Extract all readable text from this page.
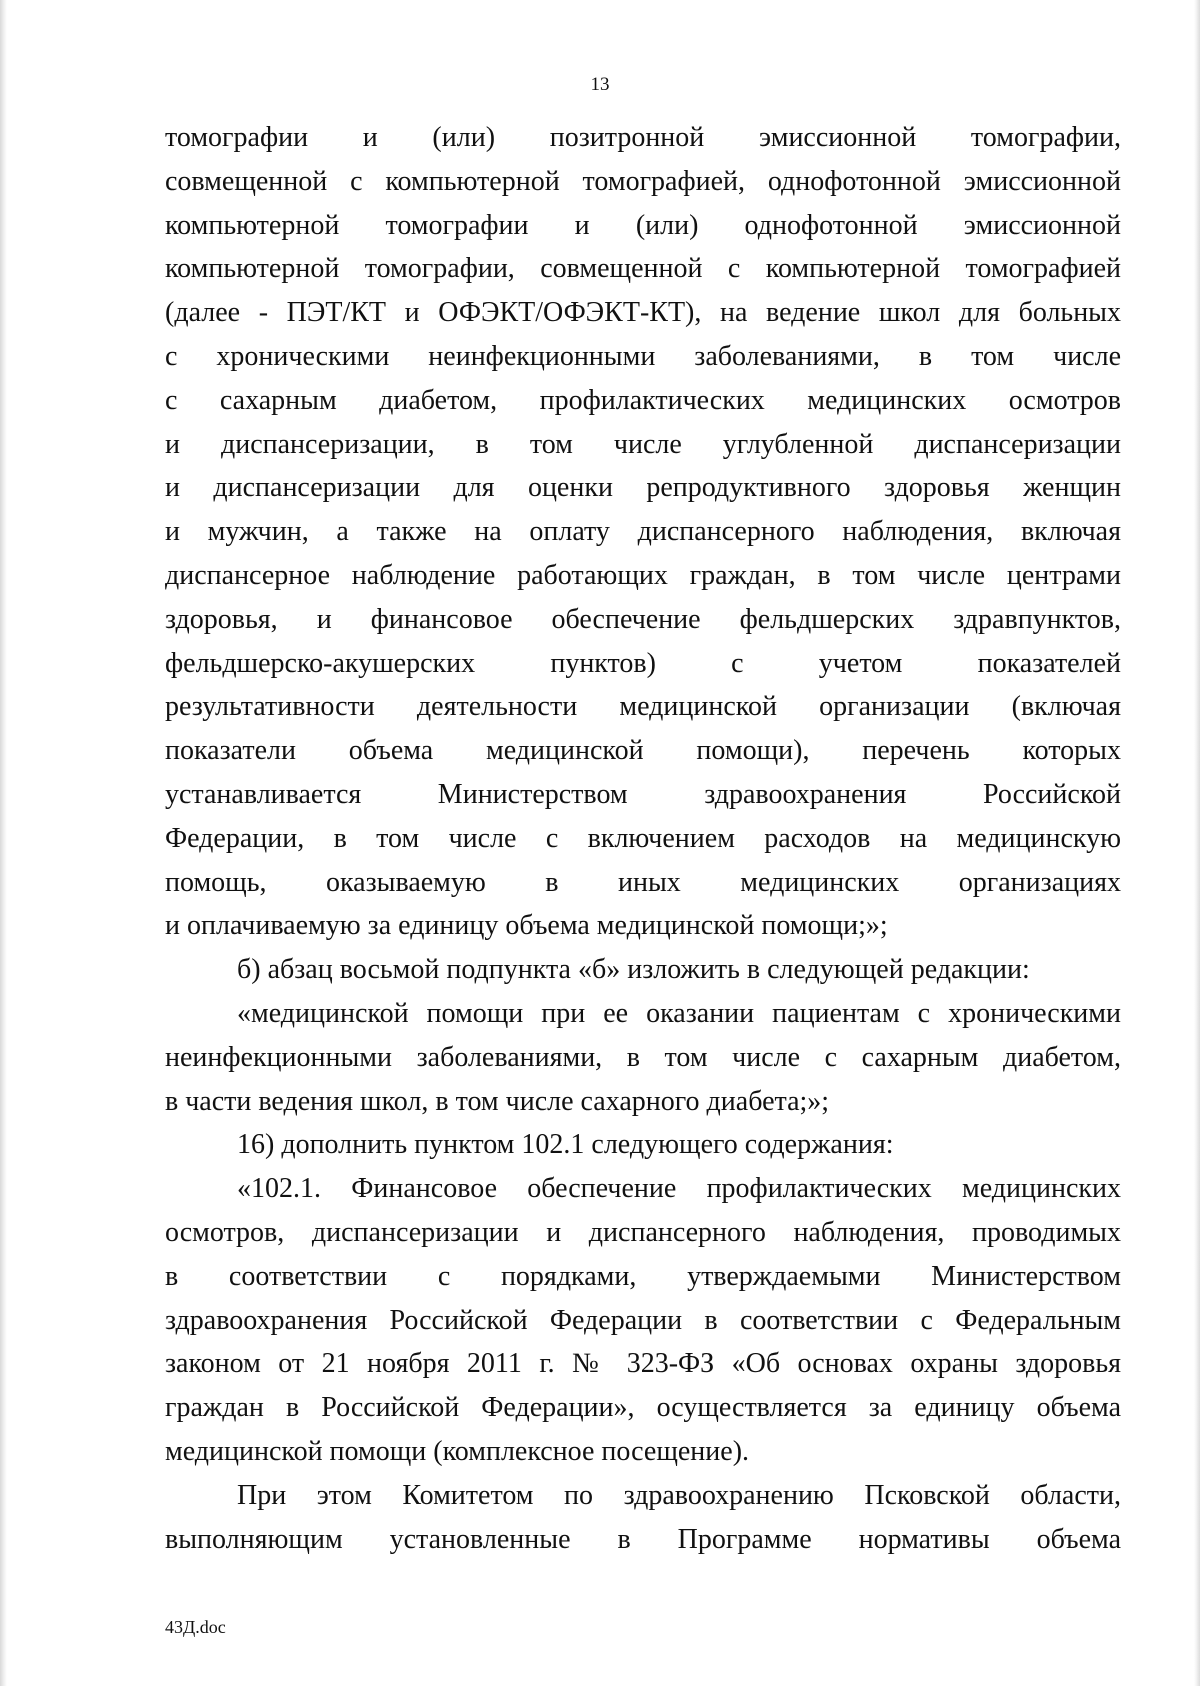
13

томографии и (или) позитронной эмиссионной томографии,
совмещенной с компьютерной томографией, однофотонной эмиссионной
компьютерной томографии и (или) однофотонной эмиссионной
компьютерной томографии, совмещенной с компьютерной томографией
(далее - ПЭТ/КТ и ОФЭКТ/ОФЭКТ-КТ), на ведение школ для больных
с хроническими неинфекционными заболеваниями, в том числе
с сахарным диабетом, профилактических медицинских осмотров
и диспансеризации, в том числе углубленной диспансеризации
и диспансеризации для оценки репродуктивного здоровья женщин
и мужчин, а также на оплату диспансерного наблюдения, включая
диспансерное наблюдение работающих граждан, в том числе центрами
здоровья, и финансовое обеспечение фельдшерских здравпунктов,
фельдшерско-акушерских пунктов) с учетом показателей
результативности деятельности медицинской организации (включая
показатели объема медицинской помощи), перечень которых
устанавливается Министерством здравоохранения Российской
Федерации, в том числе с включением расходов на медицинскую
помощь, оказываемую в иных медицинских организациях
и оплачиваемую за единицу объема медицинской помощи;»;

б) абзац восьмой подпункта «б» изложить в следующей редакции:

«медицинской помощи при ее оказании пациентам с хроническими
неинфекционными заболеваниями, в том числе с сахарным диабетом,
в части ведения школ, в том числе сахарного диабета;»;

16) дополнить пунктом 102.1 следующего содержания:

«102.1. Финансовое обеспечение профилактических медицинских
осмотров, диспансеризации и диспансерного наблюдения, проводимых
в соответствии с порядками, утверждаемыми Министерством
здравоохранения Российской Федерации в соответствии с Федеральным
законом от 21 ноября 2011 г. № 323-ФЗ «Об основах охраны здоровья
граждан в Российской Федерации», осуществляется за единицу объема
медицинской помощи (комплексное посещение).

При этом Комитетом по здравоохранению Псковской области,
выполняющим установленные в Программе нормативы объема

43Д.doc
